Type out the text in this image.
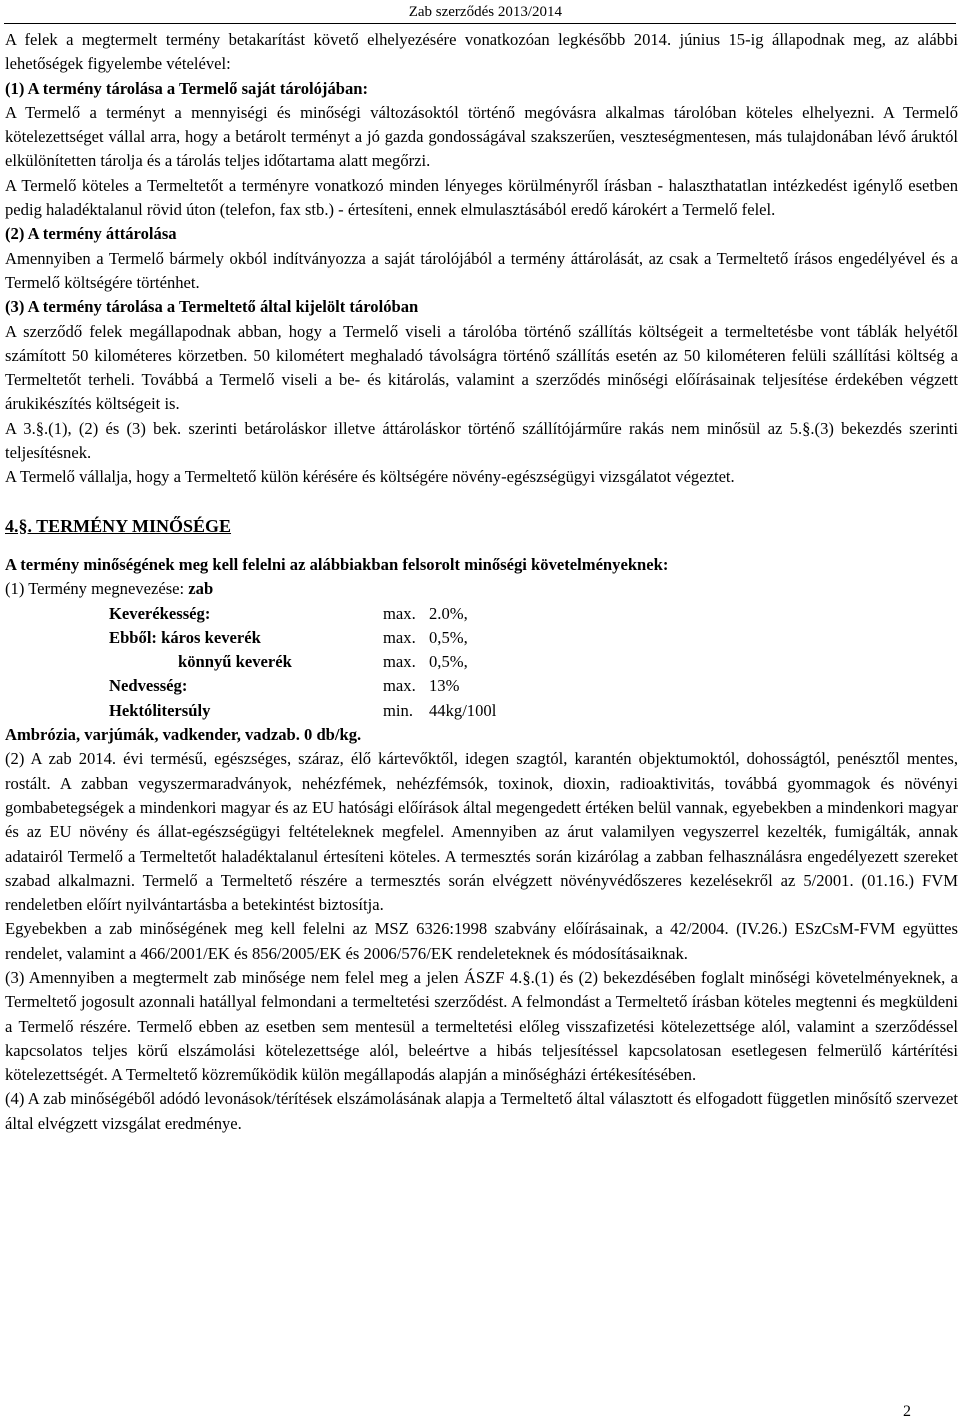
Zab szerződés 2013/2014

A felek a megtermelt termény betakarítást követő elhelyezésére vonatkozóan legkésőbb 2014. június 15-ig állapodnak meg, az alábbi lehetőségek figyelembe vételével:

(1) A termény tárolása a Termelő saját tárolójában:

A Termelő a terményt a mennyiségi és minőségi változásoktól történő megóvásra alkalmas tárolóban köteles elhelyezni. A Termelő kötelezettséget vállal arra, hogy a betárolt terményt a jó gazda gondosságával szakszerűen, veszteségmentesen, más tulajdonában lévő áruktól elkülönítetten tárolja és a tárolás teljes időtartama alatt megőrzi.

A Termelő köteles a Termeltetőt a terményre vonatkozó minden lényeges körülményről írásban - halaszthatatlan intézkedést igénylő esetben pedig haladéktalanul rövid úton (telefon, fax stb.) - értesíteni, ennek elmulasztásából eredő károkért a Termelő felel.

(2) A termény áttárolása

Amennyiben a Termelő bármely okból indítványozza a saját tárolójából a termény áttárolását, az csak a Termeltető írásos engedélyével és a Termelő költségére történhet.

(3) A termény tárolása a Termeltető által kijelölt tárolóban

A szerződő felek megállapodnak abban, hogy a Termelő viseli a tárolóba történő szállítás költségeit a termeltetésbe vont táblák helyétől számított 50 kilométeres körzetben. 50 kilométert meghaladó távolságra történő szállítás esetén az 50 kilométeren felüli szállítási költség a Termeltetőt terheli. Továbbá a Termelő viseli a be- és kitárolás, valamint a szerződés minőségi előírásainak teljesítése érdekében végzett árukikészítés költségeit is.

A 3.§.(1), (2) és (3) bek. szerinti betároláskor illetve áttároláskor történő szállítójárműre rakás nem minősül az 5.§.(3) bekezdés szerinti teljesítésnek.

A Termelő vállalja, hogy a Termeltető külön kérésére és költségére növény-egészségügyi vizsgálatot végeztet.

4.§. TERMÉNY MINŐSÉGE

A termény minőségének meg kell felelni az alábbiakban felsorolt minőségi követelményeknek:

(1) Termény megnevezése: zab

Keverékesség:	max.	2.0%,
Ebből: káros keverék	max.	0,5%,
könnyű keverék	max.	0,5%,
Nedvesség:	max.	13%
Hektólitersúly	min.	44kg/100l

Ambrózia, varjúmák, vadkender, vadzab. 0 db/kg.

(2) A zab 2014. évi termésű, egészséges, száraz, élő kártevőktől, idegen szagtól, karantén objektumoktól, dohosságtól, penésztől mentes, rostált. A zabban vegyszermaradványok, nehézfémek, nehézfémsók, toxinok, dioxin, radioaktivitás, továbbá gyommagok és növényi gombabetegségek a mindenkori magyar és az EU hatósági előírások által megengedett értéken belül vannak, egyebekben a mindenkori magyar és az EU növény és állat-egészségügyi feltételeknek megfelel. Amennyiben az árut valamilyen vegyszerrel kezelték, fumigálták, annak adatairól Termelő a Termeltetőt haladéktalanul értesíteni köteles. A termesztés során kizárólag a zabban felhasználásra engedélyezett szereket szabad alkalmazni. Termelő a Termeltető részére a termesztés során elvégzett növényvédőszeres kezelésekről az 5/2001. (01.16.) FVM rendeletben előírt nyilvántartásba a betekintést biztosítja.

Egyebekben a zab minőségének meg kell felelni az MSZ 6326:1998 szabvány előírásainak, a 42/2004. (IV.26.) ESzCsM-FVM együttes rendelet, valamint a 466/2001/EK és 856/2005/EK és 2006/576/EK rendeleteknek és módosításaiknak.

(3) Amennyiben a megtermelt zab minősége nem felel meg a jelen ÁSZF 4.§.(1) és (2) bekezdésében foglalt minőségi követelményeknek, a Termeltető jogosult azonnali hatállyal felmondani a termeltetési szerződést. A felmondást a Termeltető írásban köteles megtenni és megküldeni a Termelő részére. Termelő ebben az esetben sem mentesül a termeltetési előleg visszafizetési kötelezettsége alól, valamint a szerződéssel kapcsolatos teljes körű elszámolási kötelezettsége alól, beleértve a hibás teljesítéssel kapcsolatosan esetlegesen felmerülő kártérítési kötelezettségét. A Termeltető közreműködik külön megállapodás alapján a minőségházi értékesítésében.

(4) A zab minőségéből adódó levonások/térítések elszámolásának alapja a Termeltető által választott és elfogadott független minősítő szervezet által elvégzett vizsgálat eredménye.

2
